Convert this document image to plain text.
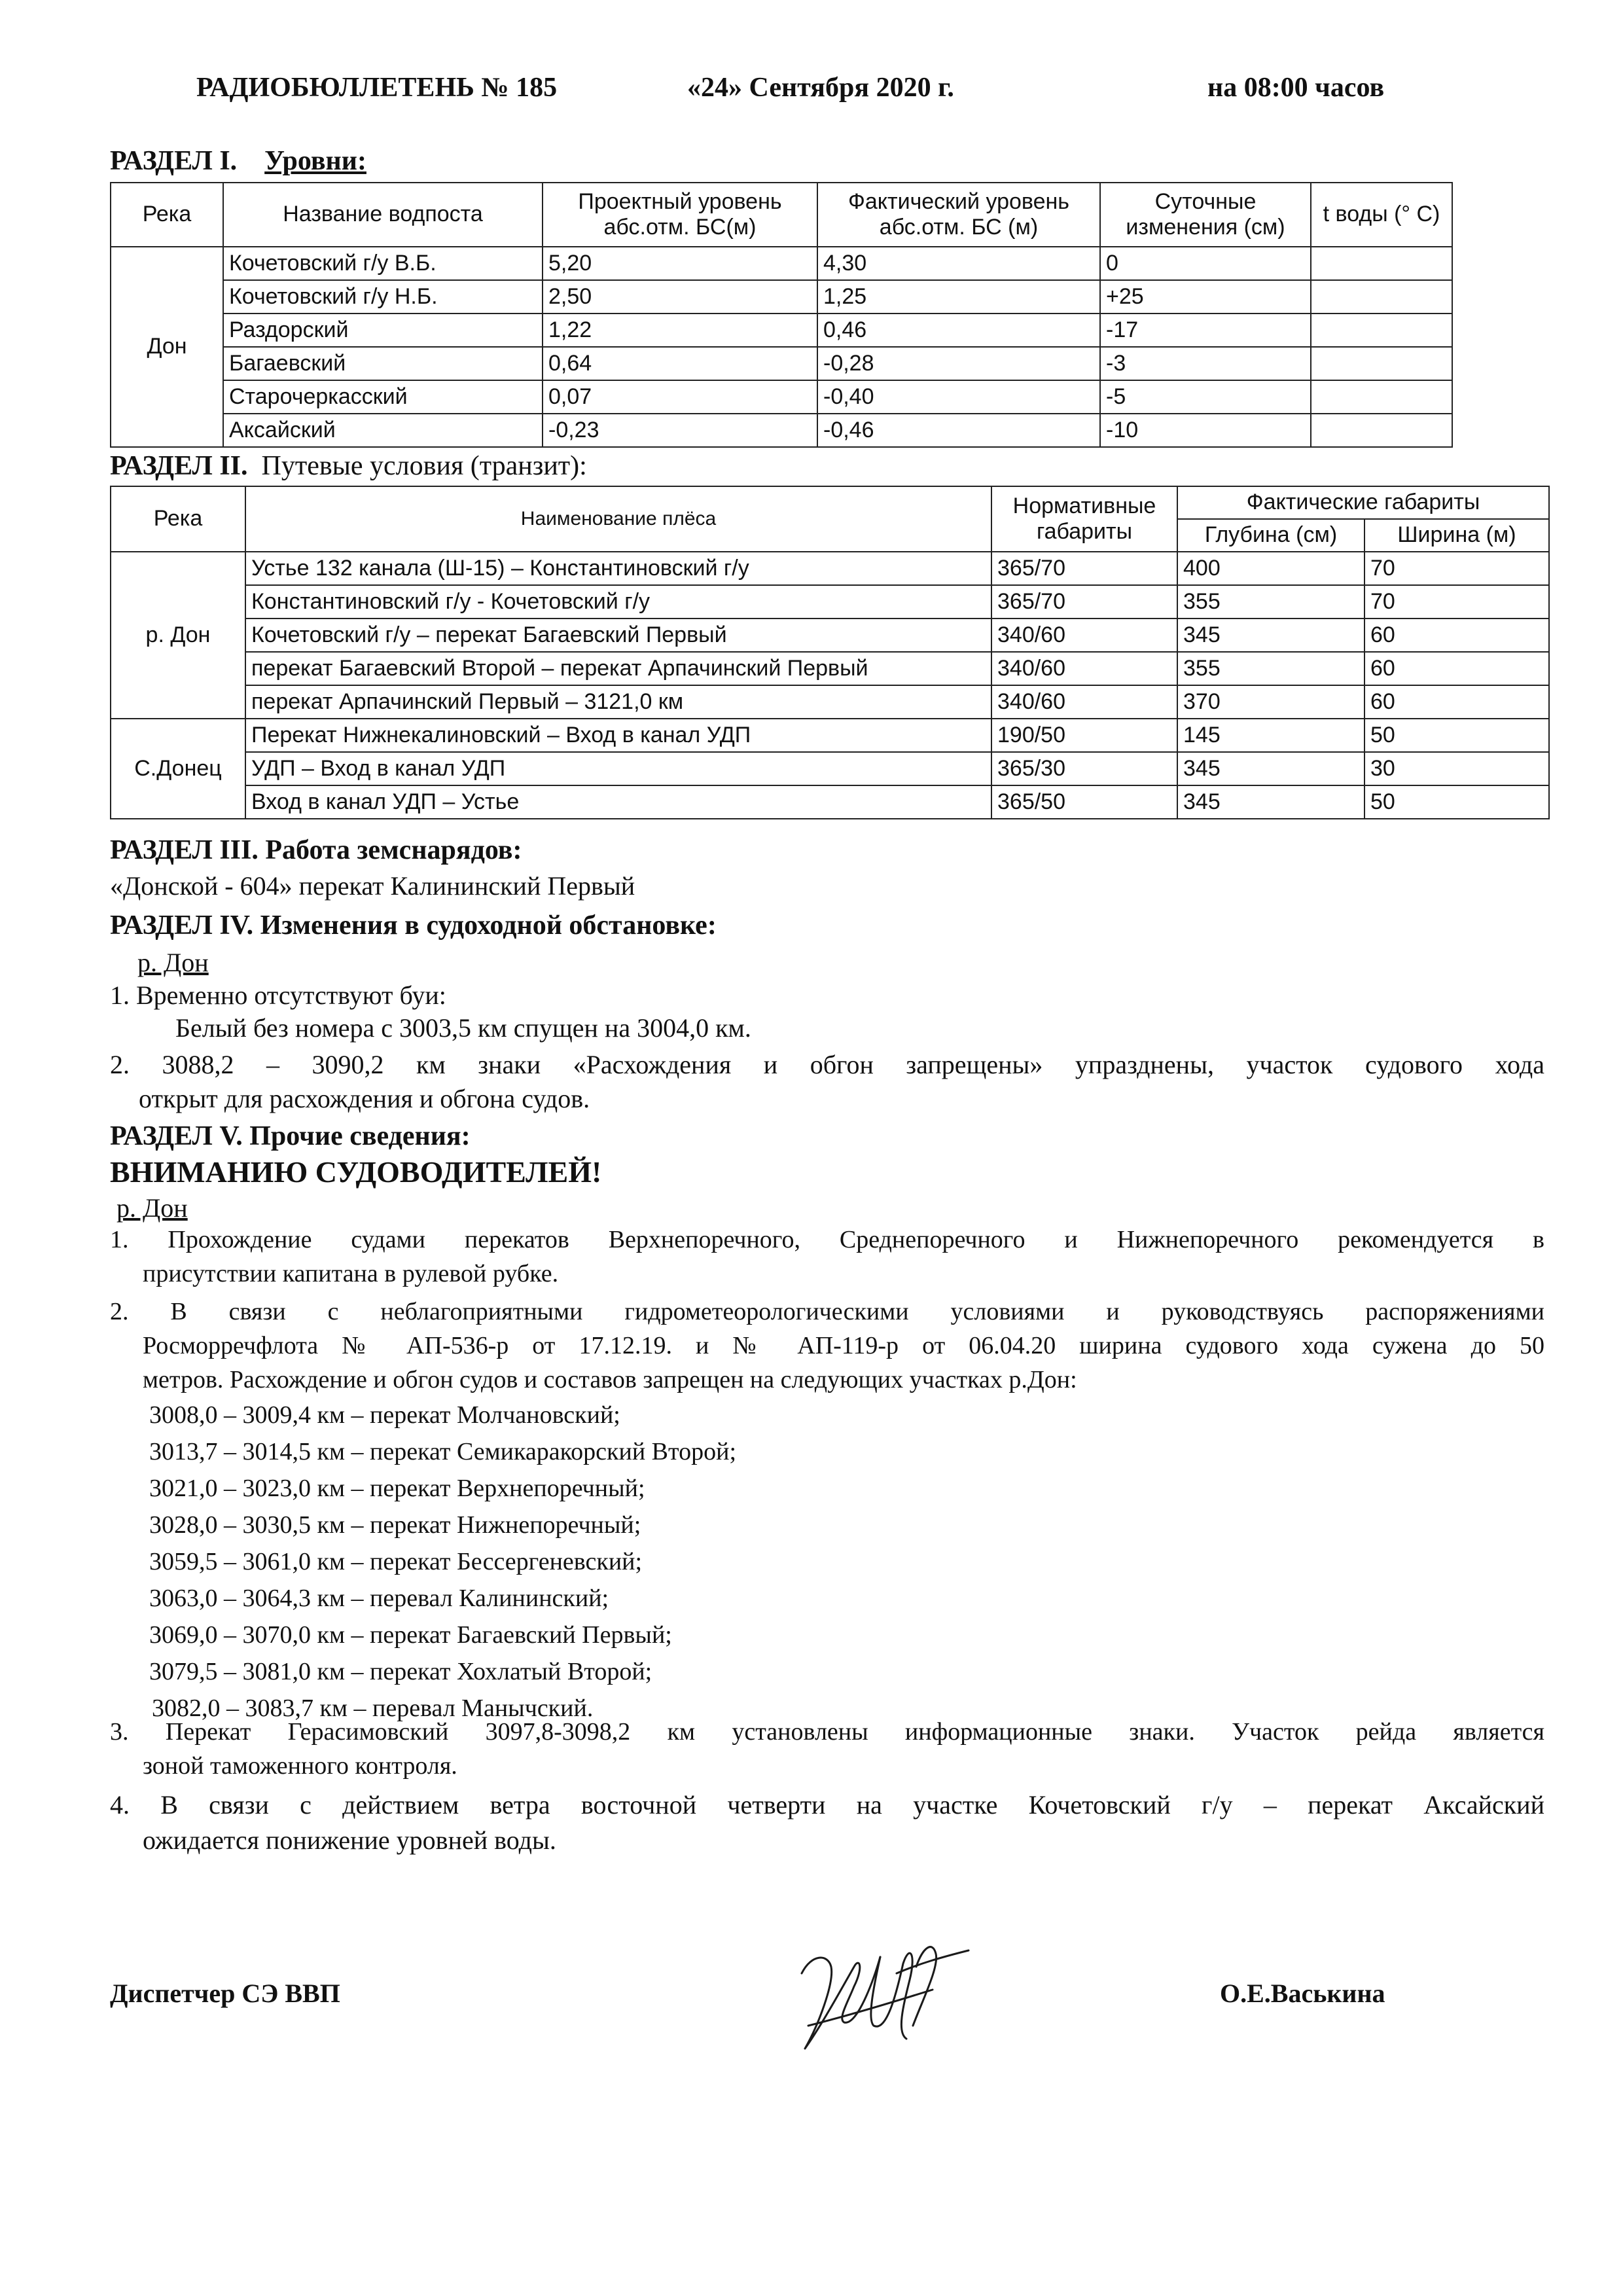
РАДИОБЮЛЛЕТЕНЬ № 185	«24» Сентября 2020 г.	на 08:00 часов
РАЗДЕЛ I. Уровни:
Река	Название водпоста	Проектный уровень абс.отм. БС(м)	Фактический уровень абс.отм. БС (м)	Суточные изменения (см)	t воды (° С)
Дон	Кочетовский г/у В.Б.	5,20	4,30	0	
	Кочетовский г/у Н.Б.	2,50	1,25	+25	
	Раздорский	1,22	0,46	-17	
	Багаевский	0,64	-0,28	-3	
	Старочеркасский	0,07	-0,40	-5	
	Аксайский	-0,23	-0,46	-10	
РАЗДЕЛ II. Путевые условия (транзит):
Река	Наименование плёса	Нормативные габариты	Фактические габариты	
			Глубина (см)	Ширина (м)
р. Дон	Устье 132 канала (Ш-15) – Константиновский г/у	365/70	400	70
	Константиновский г/у - Кочетовский г/у	365/70	355	70
	Кочетовский г/у – перекат Багаевский Первый	340/60	345	60
	перекат Багаевский Второй – перекат Арпачинский Первый	340/60	355	60
	перекат Арпачинский Первый – 3121,0 км	340/60	370	60
С.Донец	Перекат Нижнекалиновский – Вход в канал УДП	190/50	145	50
	УДП – Вход в канал УДП	365/30	345	30
	Вход в канал УДП – Устье	365/50	345	50
РАЗДЕЛ III. Работа земснарядов:
«Донской - 604» перекат Калининский Первый
РАЗДЕЛ IV. Изменения в судоходной обстановке:
р. Дон
1. Временно отсутствуют буи:
Белый без номера с 3003,5 км спущен на 3004,0 км.
2. 3088,2 – 3090,2 км знаки «Расхождения и обгон запрещены» упразднены, участок судового хода
открыт для расхождения и обгона судов.
РАЗДЕЛ V. Прочие сведения:
ВНИМАНИЮ СУДОВОДИТЕЛЕЙ!
р. Дон
1. Прохождение судами перекатов Верхнепоречного, Среднепоречного и Нижнепоречного рекомендуется в
присутствии капитана в рулевой рубке.
2. В связи с неблагоприятными гидрометеорологическими условиями и руководствуясь распоряжениями
Росморречфлота № АП-536-р от 17.12.19. и № АП-119-р от 06.04.20 ширина судового хода сужена до 50
метров. Расхождение и обгон судов и составов запрещен на следующих участках р.Дон:
3008,0 – 3009,4 км – перекат Молчановский;
3013,7 – 3014,5 км – перекат Семикаракорский Второй;
3021,0 – 3023,0 км – перекат Верхнепоречный;
3028,0 – 3030,5 км – перекат Нижнепоречный;
3059,5 – 3061,0 км – перекат Бессергеневский;
3063,0 – 3064,3 км – перевал Калининский;
3069,0 – 3070,0 км – перекат Багаевский Первый;
3079,5 – 3081,0 км – перекат Хохлатый Второй;
3082,0 – 3083,7 км – перевал Манычский.
3. Перекат Герасимовский 3097,8-3098,2 км установлены информационные знаки. Участок рейда является
зоной таможенного контроля.
4. В связи с действием ветра восточной четверти на участке Кочетовский г/у – перекат Аксайский
ожидается понижение уровней воды.
Диспетчер СЭ ВВП	О.Е.Васькина
